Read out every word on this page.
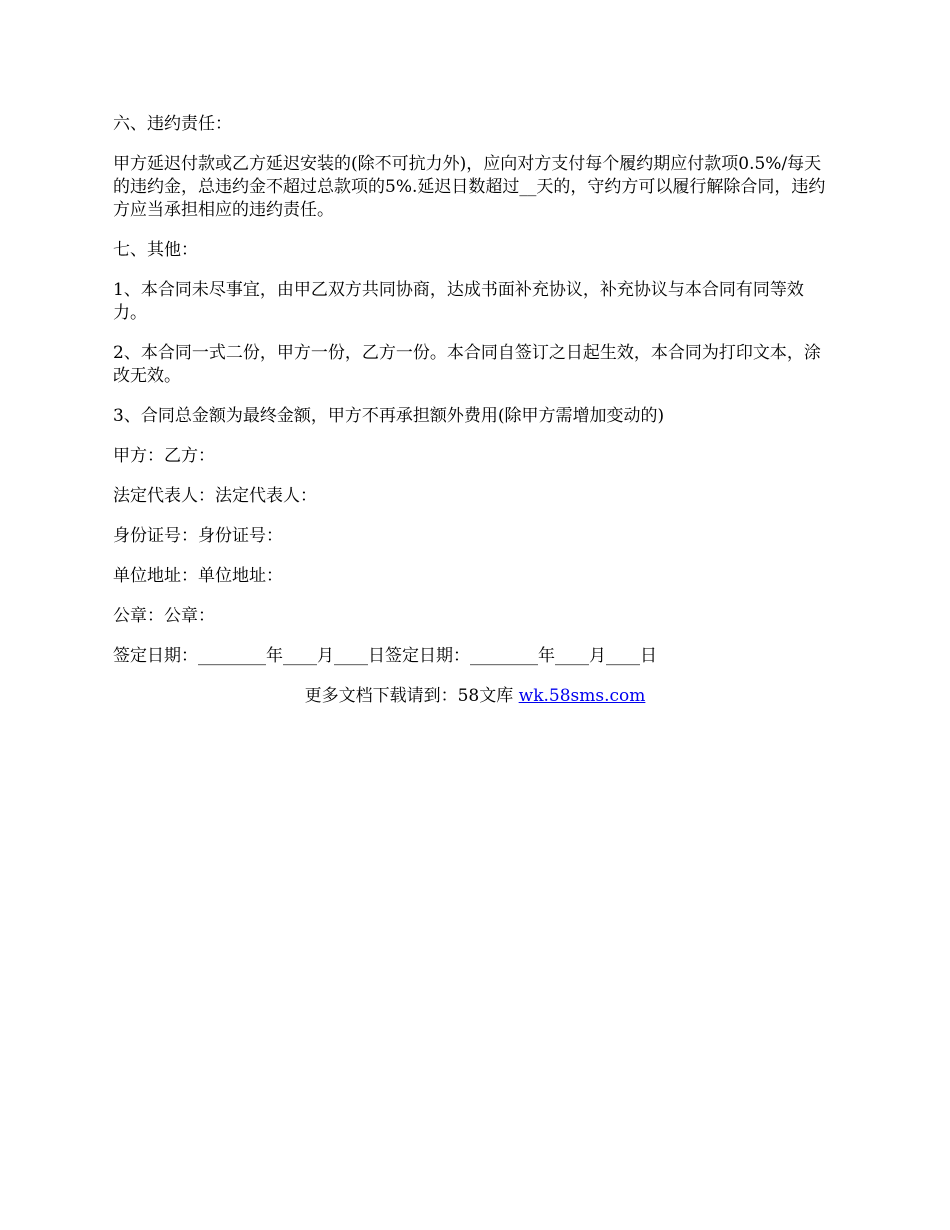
六、违约责任：

甲方延迟付款或乙方延迟安装的(除不可抗力外)，应向对方支付每个履约期应付款项0.5%/每天的违约金，总违约金不超过总款项的5%.延迟日数超过__天的，守约方可以履行解除合同，违约方应当承担相应的违约责任。

七、其他：

1、本合同未尽事宜，由甲乙双方共同协商，达成书面补充协议，补充协议与本合同有同等效力。

2、本合同一式二份，甲方一份，乙方一份。本合同自签订之日起生效，本合同为打印文本，涂改无效。

3、合同总金额为最终金额，甲方不再承担额外费用(除甲方需增加变动的)

甲方：乙方：

法定代表人：法定代表人：

身份证号：身份证号：

单位地址：单位地址：

公章：公章：

签定日期：________年____月____日签定日期：________年____月____日

更多文档下载请到：58文库 wk.58sms.com
